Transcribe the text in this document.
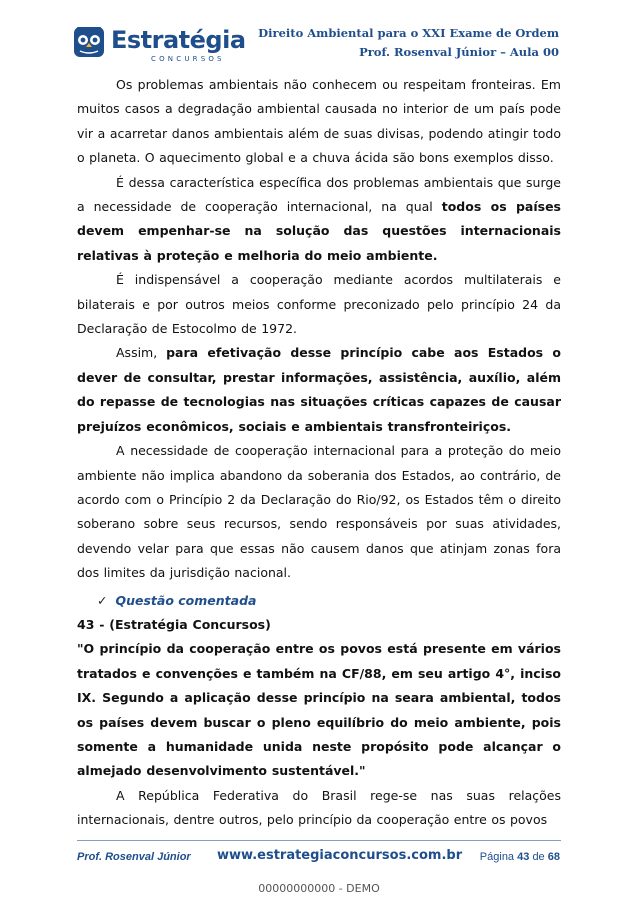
Estratégia
CONCURSOS
Direito Ambiental para o XXI Exame de Ordem
Prof. Rosenval Júnior – Aula 00

Os problemas ambientais não conhecem ou respeitam fronteiras. Em muitos casos a degradação ambiental causada no interior de um país pode vir a acarretar danos ambientais além de suas divisas, podendo atingir todo o planeta. O aquecimento global e a chuva ácida são bons exemplos disso.

É dessa característica específica dos problemas ambientais que surge a necessidade de cooperação internacional, na qual todos os países devem empenhar-se na solução das questões internacionais relativas à proteção e melhoria do meio ambiente.

É indispensável a cooperação mediante acordos multilaterais e bilaterais e por outros meios conforme preconizado pelo princípio 24 da Declaração de Estocolmo de 1972.

Assim, para efetivação desse princípio cabe aos Estados o dever de consultar, prestar informações, assistência, auxílio, além do repasse de tecnologias nas situações críticas capazes de causar prejuízos econômicos, sociais e ambientais transfronteiriços.

A necessidade de cooperação internacional para a proteção do meio ambiente não implica abandono da soberania dos Estados, ao contrário, de acordo com o Princípio 2 da Declaração do Rio/92, os Estados têm o direito soberano sobre seus recursos, sendo responsáveis por suas atividades, devendo velar para que essas não causem danos que atinjam zonas fora dos limites da jurisdição nacional.

✓ Questão comentada

43 - (Estratégia Concursos)

"O princípio da cooperação entre os povos está presente em vários tratados e convenções e também na CF/88, em seu artigo 4°, inciso IX. Segundo a aplicação desse princípio na seara ambiental, todos os países devem buscar o pleno equilíbrio do meio ambiente, pois somente a humanidade unida neste propósito pode alcançar o almejado desenvolvimento sustentável."

A República Federativa do Brasil rege-se nas suas relações internacionais, dentre outros, pelo princípio da cooperação entre os povos

Prof. Rosenval Júnior www.estrategiaconcursos.com.br Página 43 de 68
00000000000 - DEMO
